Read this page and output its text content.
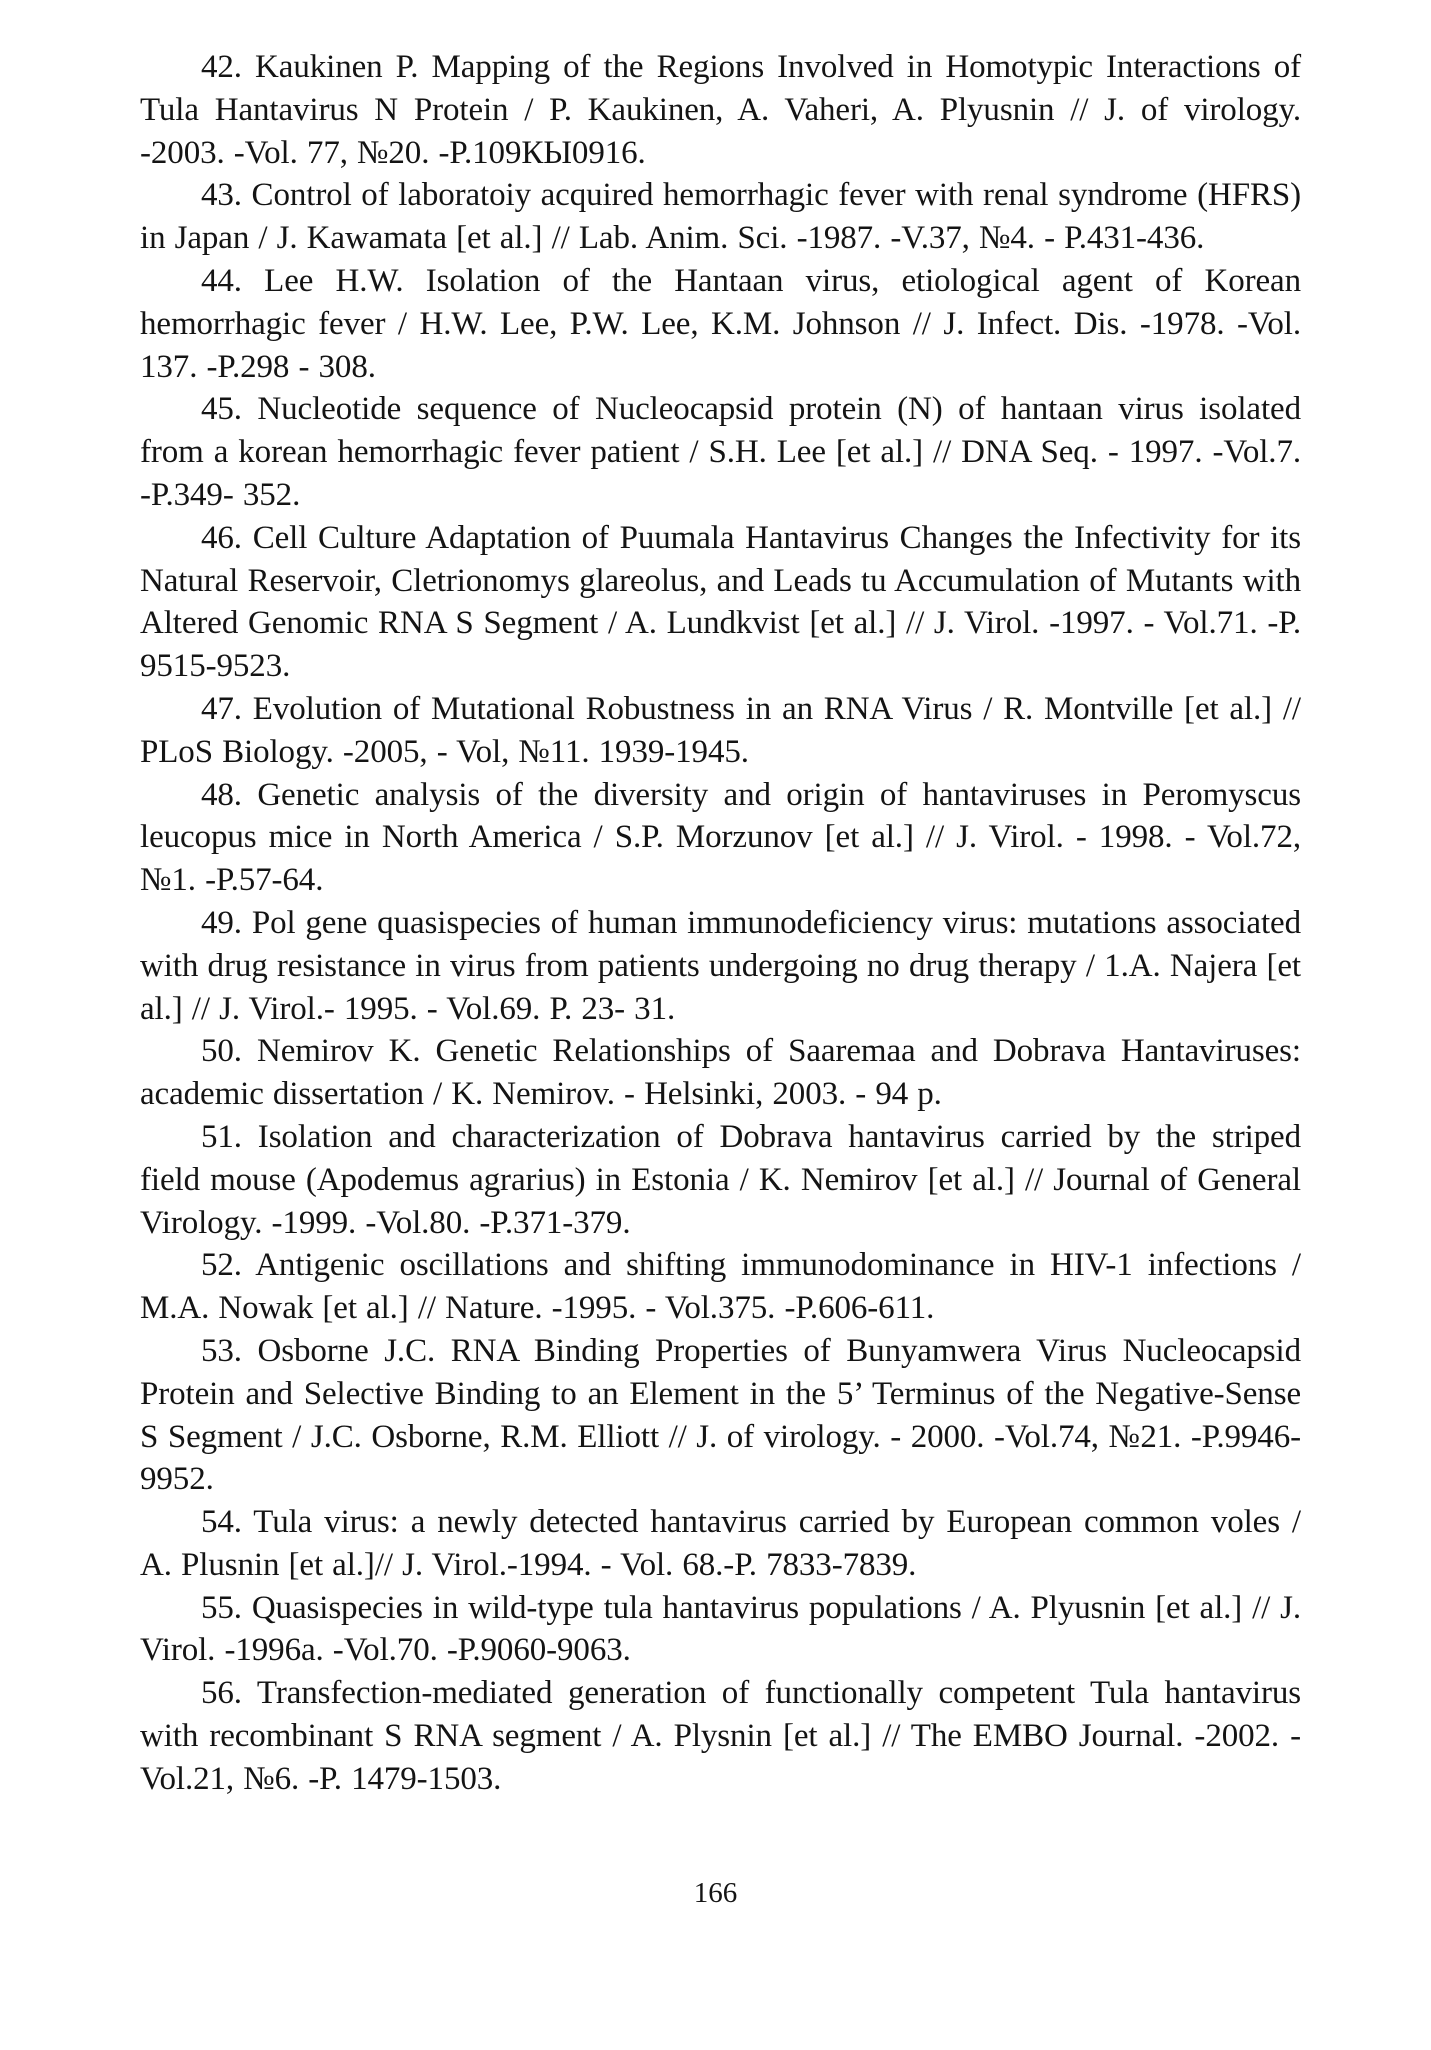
42. Kaukinen P. Mapping of the Regions Involved in Homotypic Interactions of Tula Hantavirus N Protein / P. Kaukinen, A. Vaheri, A. Plyusnin // J. of virology. -2003. -Vol. 77, №20. -P.109КЫ0916.

43. Control of laboratoiy acquired hemorrhagic fever with renal syndrome (HFRS) in Japan / J. Kawamata [et al.] // Lab. Anim. Sci. -1987. -V.37, №4. - P.431-436.

44. Lee H.W. Isolation of the Hantaan virus, etiological agent of Korean hemorrhagic fever / H.W. Lee, P.W. Lee, K.M. Johnson // J. Infect. Dis. -1978. -Vol. 137. -P.298 - 308.

45. Nucleotide sequence of Nucleocapsid protein (N) of hantaan virus isolated from a korean hemorrhagic fever patient / S.H. Lee [et al.] // DNA Seq. - 1997. -Vol.7. -P.349- 352.

46. Cell Culture Adaptation of Puumala Hantavirus Changes the Infectivity for its Natural Reservoir, Cletrionomys glareolus, and Leads tu Accumulation of Mutants with Altered Genomic RNA S Segment / A. Lundkvist [et al.] // J. Virol. -1997. - Vol.71. -P. 9515-9523.

47. Evolution of Mutational Robustness in an RNA Virus / R. Montville [et al.] // PLoS Biology. -2005, - Vol, №11. 1939-1945.

48. Genetic analysis of the diversity and origin of hantaviruses in Peromyscus leucopus mice in North America / S.P. Morzunov [et al.] // J. Virol. - 1998. - Vol.72, №1. -P.57-64.

49. Pol gene quasispecies of human immunodeficiency virus: mutations associated with drug resistance in virus from patients undergoing no drug therapy / 1.A. Najera [et al.] // J. Virol.- 1995. - Vol.69. P. 23- 31.

50. Nemirov K. Genetic Relationships of Saaremaa and Dobrava Hantaviruses: academic dissertation / K. Nemirov. - Helsinki, 2003. - 94 p.

51. Isolation and characterization of Dobrava hantavirus carried by the striped field mouse (Apodemus agrarius) in Estonia / K. Nemirov [et al.] // Journal of General Virology. -1999. -Vol.80. -P.371-379.

52. Antigenic oscillations and shifting immunodominance in HIV-1 infections / M.A. Nowak [et al.] // Nature. -1995. - Vol.375. -P.606-611.

53. Osborne J.C. RNA Binding Properties of Bunyamwera Virus Nucleocapsid Protein and Selective Binding to an Element in the 5’ Terminus of the Negative-Sense S Segment / J.C. Osborne, R.M. Elliott // J. of virology. - 2000. -Vol.74, №21. -P.9946-9952.

54. Tula virus: a newly detected hantavirus carried by European common voles / A. Plusnin [et al.]// J. Virol.-1994. - Vol. 68.-P. 7833-7839.

55. Quasispecies in wild-type tula hantavirus populations / A. Plyusnin [et al.] // J. Virol. -1996a. -Vol.70. -P.9060-9063.

56. Transfection-mediated generation of functionally competent Tula hantavirus with recombinant S RNA segment / A. Plysnin [et al.] // The EMBO Journal. -2002. -Vol.21, №6. -P. 1479-1503.

166
